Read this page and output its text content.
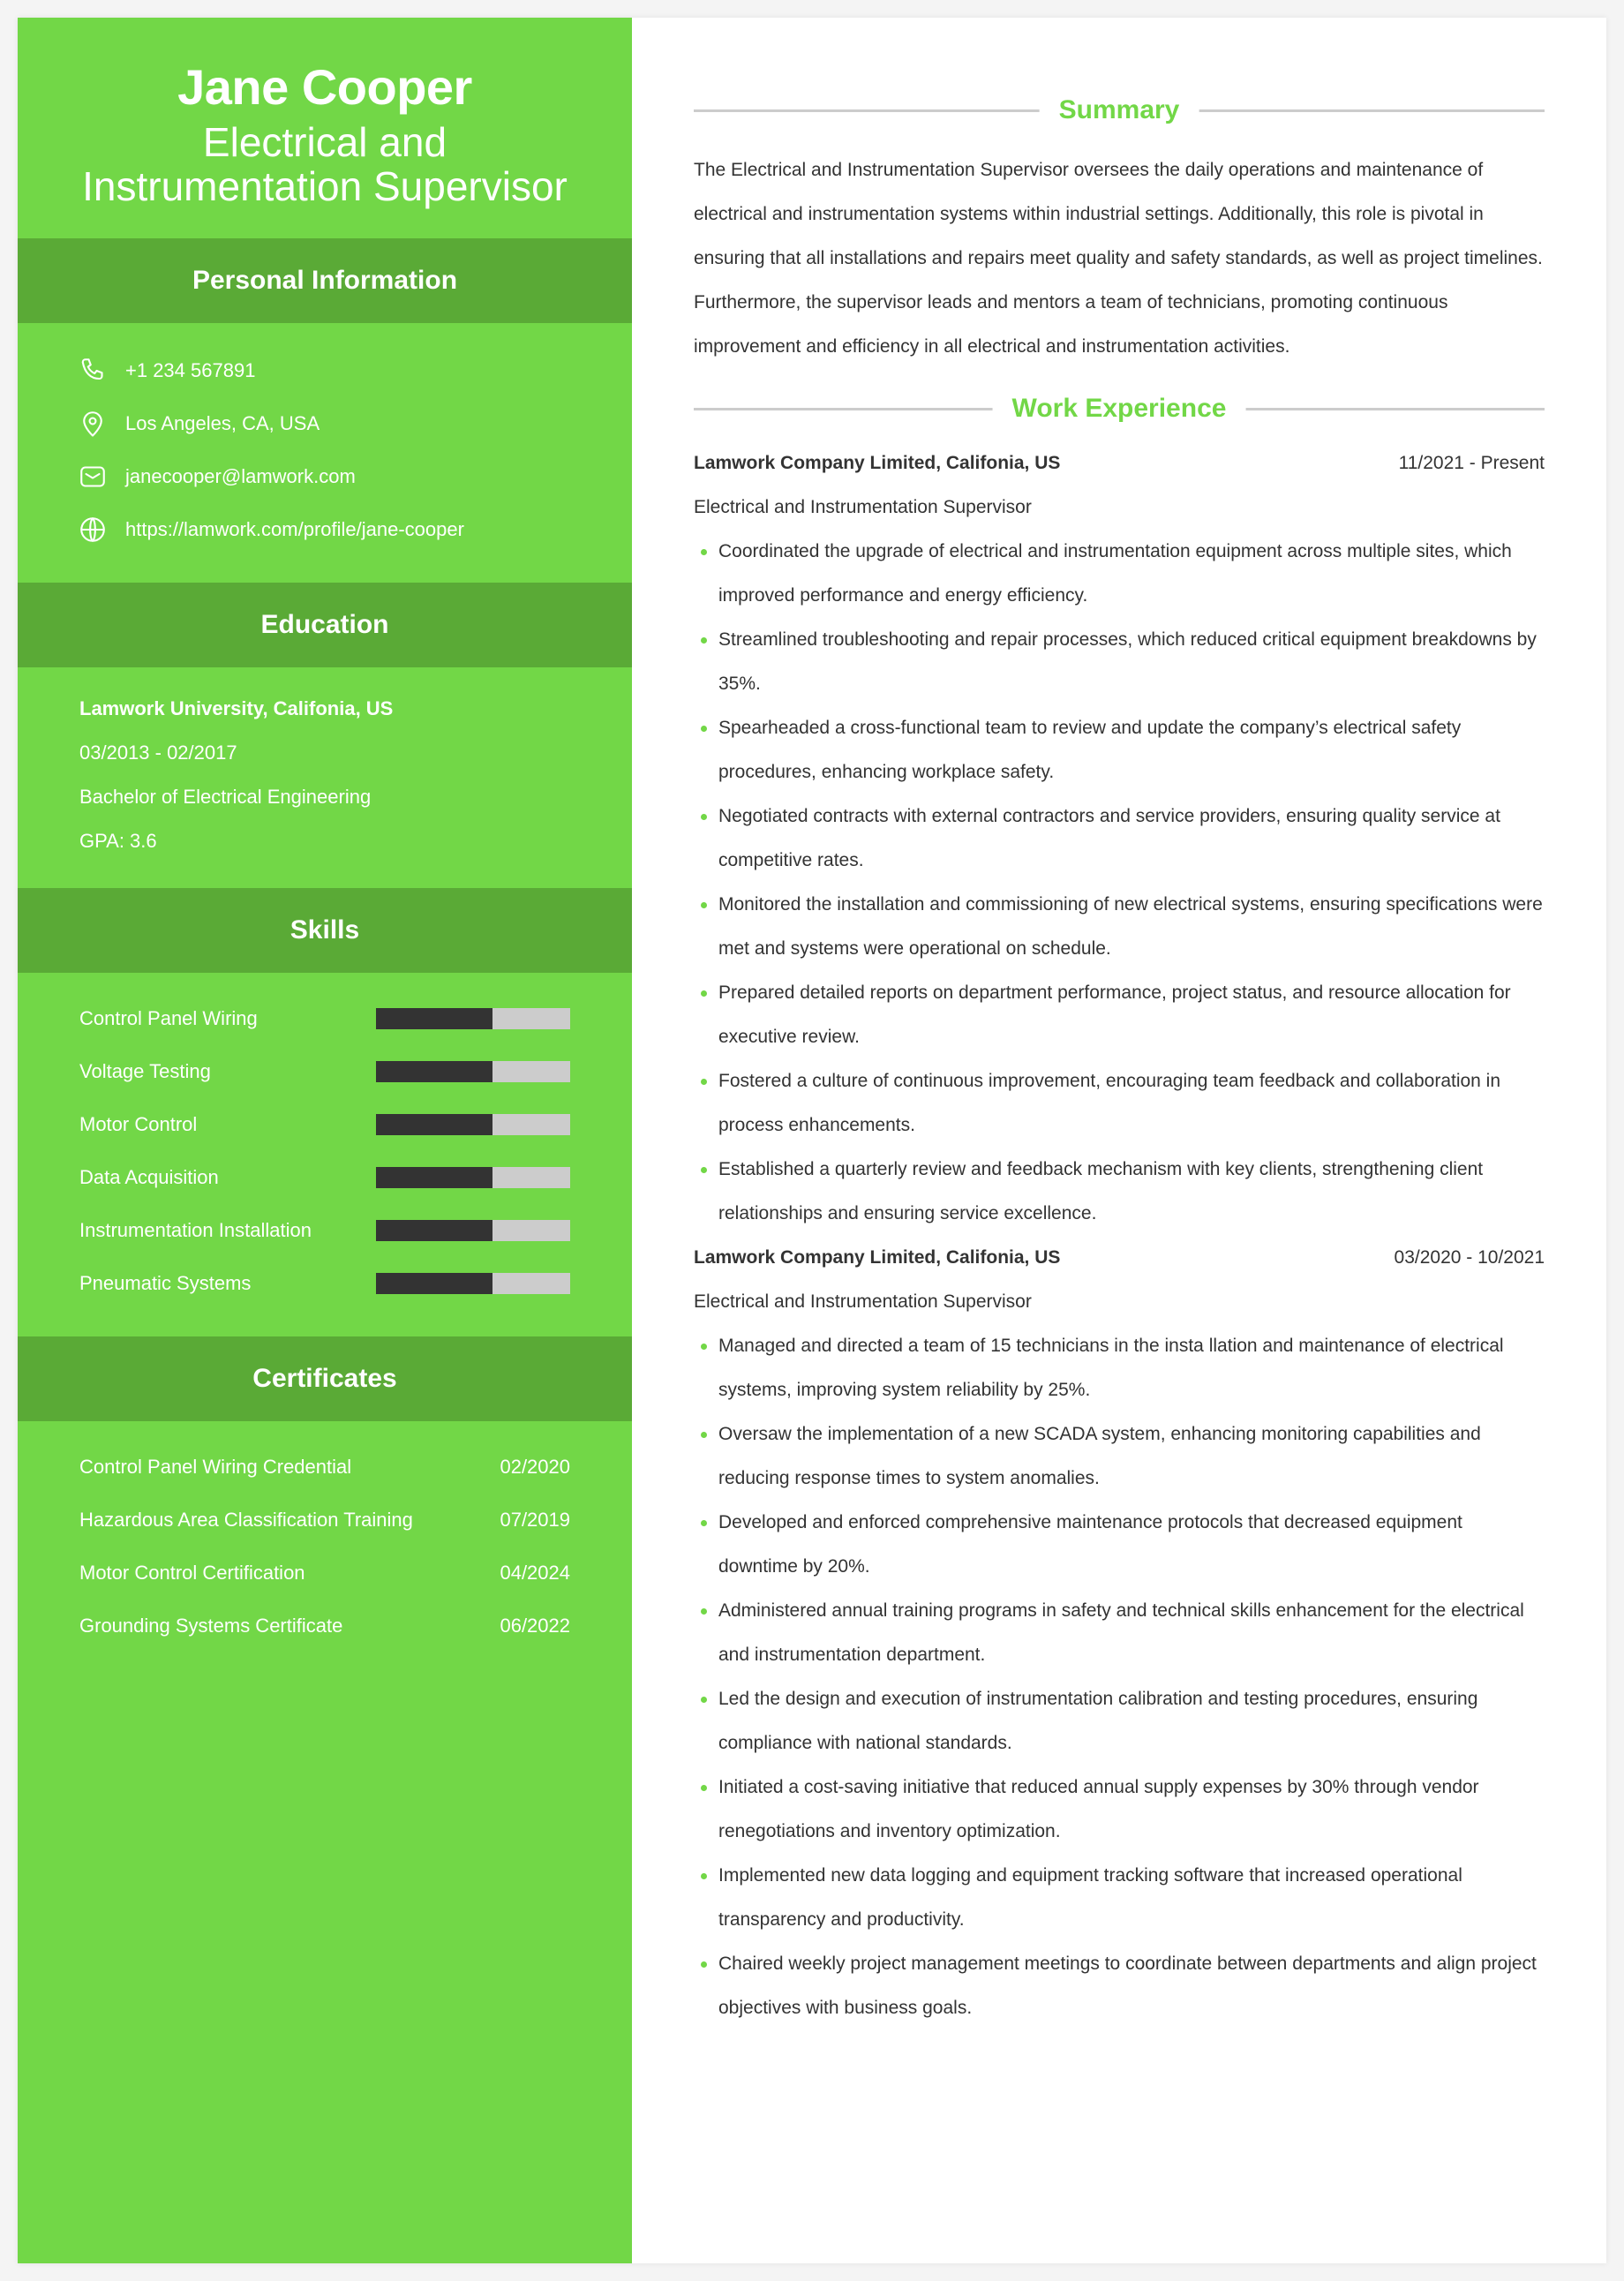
Jane Cooper
Electrical and
Instrumentation Supervisor
Personal Information
+1 234 567891
Los Angeles, CA, USA
janecooper@lamwork.com
https://lamwork.com/profile/jane-cooper
Education
Lamwork University, Califonia, US
03/2013 - 02/2017
Bachelor of Electrical Engineering
GPA: 3.6
Skills
Control Panel Wiring
Voltage Testing
Motor Control
Data Acquisition
Instrumentation Installation
Pneumatic Systems
Certificates
Control Panel Wiring Credential	02/2020
Hazardous Area Classification Training	07/2019
Motor Control Certification	04/2024
Grounding Systems Certificate	06/2022
Summary
The Electrical and Instrumentation Supervisor oversees the daily operations and maintenance of electrical and instrumentation systems within industrial settings. Additionally, this role is pivotal in ensuring that all installations and repairs meet quality and safety standards, as well as project timelines. Furthermore, the supervisor leads and mentors a team of technicians, promoting continuous improvement and efficiency in all electrical and instrumentation activities.
Work Experience
Lamwork Company Limited, Califonia, US	11/2021 - Present
Electrical and Instrumentation Supervisor
Coordinated the upgrade of electrical and instrumentation equipment across multiple sites, which improved performance and energy efficiency.
Streamlined troubleshooting and repair processes, which reduced critical equipment breakdowns by 35%.
Spearheaded a cross-functional team to review and update the company’s electrical safety procedures, enhancing workplace safety.
Negotiated contracts with external contractors and service providers, ensuring quality service at competitive rates.
Monitored the installation and commissioning of new electrical systems, ensuring specifications were met and systems were operational on schedule.
Prepared detailed reports on department performance, project status, and resource allocation for executive review.
Fostered a culture of continuous improvement, encouraging team feedback and collaboration in process enhancements.
Established a quarterly review and feedback mechanism with key clients, strengthening client relationships and ensuring service excellence.
Lamwork Company Limited, Califonia, US	03/2020 - 10/2021
Electrical and Instrumentation Supervisor
Managed and directed a team of 15 technicians in the insta llation and maintenance of electrical systems, improving system reliability by 25%.
Oversaw the implementation of a new SCADA system, enhancing monitoring capabilities and reducing response times to system anomalies.
Developed and enforced comprehensive maintenance protocols that decreased equipment downtime by 20%.
Administered annual training programs in safety and technical skills enhancement for the electrical and instrumentation department.
Led the design and execution of instrumentation calibration and testing procedures, ensuring compliance with national standards.
Initiated a cost-saving initiative that reduced annual supply expenses by 30% through vendor renegotiations and inventory optimization.
Implemented new data logging and equipment tracking software that increased operational transparency and productivity.
Chaired weekly project management meetings to coordinate between departments and align project objectives with business goals.
